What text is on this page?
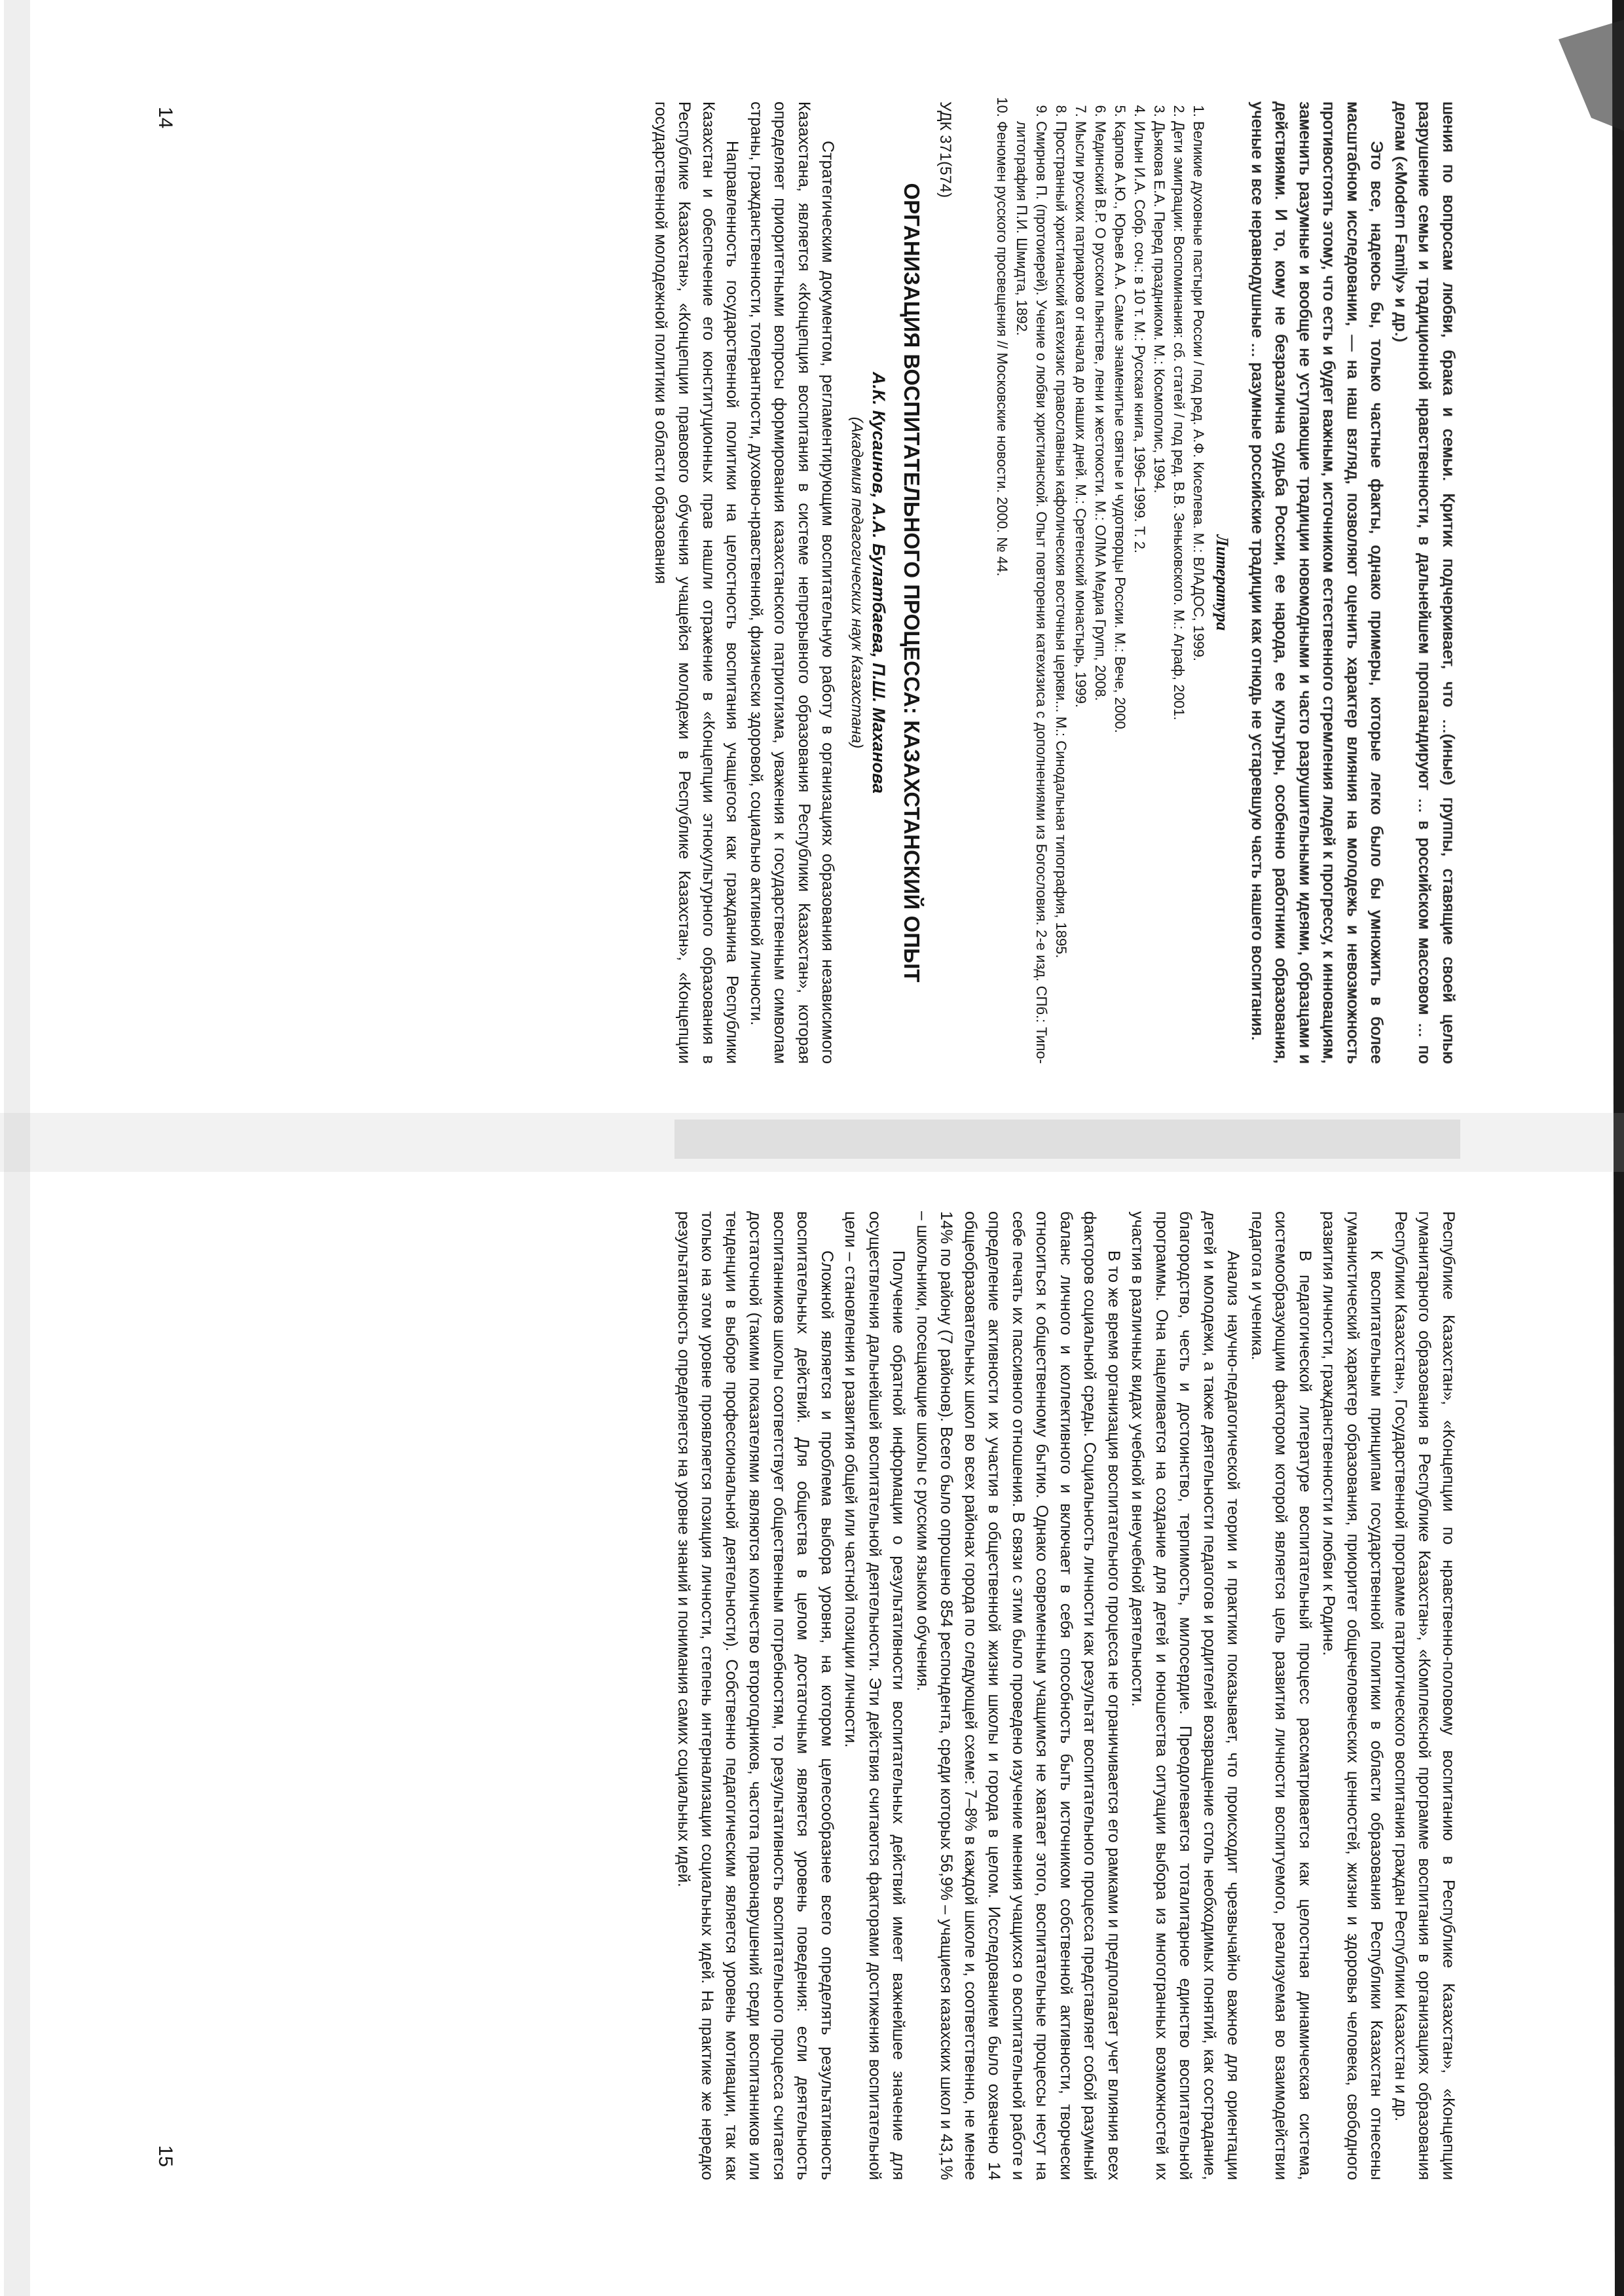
шения по вопросам любви, брака и семьи. Критик подчеркивает, что ...(иные) группы, ставящие своей целью разрушение семьи и традиционной нравственности, в дальнейшем пропагандируют ... в российском массовом ... по делам («Modern Family» и др.)

Это все, надеюсь бы, только частные факты, однако примеры, которые легко было бы умножить в более масштабном исследовании, — на наш взгляд, позволяют оценить характер влияния на молодежь и невозможность противостоять этому, что есть и будет важным, источником естественного стремления людей к прогрессу, к инновациям, заменить разумные и вообще не уступающие традиции новомодными и часто разрушительными идеями, образцами и действиями. И то, кому не безразлична судьба России, ее народа, ее культуры, особенно работники образования, ученые и все неравнодушные ... разумные российские традиции как отнюдь не устаревшую часть нашего воспитания.

Литература
1. Великие духовные пастыри России / под ред. А.Ф. Киселева. М.: ВЛАДОС, 1999.
2. Дети эмиграции: Воспоминания: сб. статей / под ред. В.В. Зеньковского. М.: Аграф, 2001.
3. Дьякова Е.А. Перед праздником. М.: Космополис, 1994.
4. Ильин И.А. Собр. соч.: в 10 т. М.: Русская книга, 1996–1999. Т. 2.
5. Карпов А.Ю., Юрьев А.А. Самые знаменитые святые и чудотворцы России. М.: Вече, 2000.
6. Мединский В.Р. О русском пьянстве, лени и жестокости. М.: ОЛМА Медиа Групп, 2008.
7. Мысли русских патриархов от начала до наших дней. М.: Сретенский монастырь, 1999.
8. Пространный христианский катехизис православныя кафолическия восточныя церкви... М.: Синодальная типография, 1895.
9. Смирнов П. (протоиерей). Учение о любви христианской. Опыт повторения катехизиса с дополнениями из Богословия. 2-е изд. СПб.: Типо-литография П.И. Шмидта, 1892.
10. Феномен русского просвещения // Московские новости. 2000. № 44.
УДК 371(574)
ОРГАНИЗАЦИЯ ВОСПИТАТЕЛЬНОГО ПРОЦЕССА: КАЗАХСТАНСКИЙ ОПЫТ
А.К. Кусаинов, А.А. Булатбаева, П.Ш. Маханова
(Академия педагогических наук Казахстана)

Стратегическим документом, регламентирующим воспитательную работу в организациях образования независимого Казахстана, является «Концепция воспитания в системе непрерывного образования Республики Казахстан», которая определяет приоритетными вопросы формирования казахстанского патриотизма, уважения к государственным символам страны, гражданственности, толерантности, духовно-нравственной, физически здоровой, социально активной личности.

Направленность государственной политики на целостность воспитания учащегося как гражданина Республики Казахстан и обеспечение его конституционных прав нашли отражение в «Концепции этнокультурного образования в Республике Казахстан», «Концепции правового обучения учащейся молодежи в Республике Казахстан», «Концепции государственной молодежной политики в области образования

14

Республике Казахстан», «Концепции по нравственно-половому воспитанию в Республике Казахстан», «Концепции гуманитарного образования в Республике Казахстан», «Комплексной программе воспитания в организациях образования Республики Казахстан», Государственной программе патриотического воспитания граждан Республики Казахстан и др.

К воспитательным принципам государственной политики в области образования Республики Казахстан отнесены гуманистический характер образования, приоритет общечеловеческих ценностей, жизни и здоровья человека, свободного развития личности, гражданственности и любви к Родине.

В педагогической литературе воспитательный процесс рассматривается как целостная динамическая система, системообразующим фактором которой является цель развития личности воспитуемого, реализуемая во взаимодействии педагога и ученика.

Анализ научно-педагогической теории и практики показывает, что происходит чрезвычайно важное для ориентации детей и молодежи, а также деятельности педагогов и родителей возвращение столь необходимых понятий, как сострадание, благородство, честь и достоинство, терпимость, милосердие. Преодолевается тоталитарное единство воспитательной программы. Она нацеливается на создание для детей и юношества ситуации выбора из многогранных возможностей их участия в различных видах учебной и внеучебной деятельности.

В то же время организация воспитательного процесса не ограничивается его рамками и предполагает учет влияния всех факторов социальной среды. Социальность личности как результат воспитательного процесса представляет собой разумный баланс личного и коллективного и включает в себя способность быть источником собственной активности, творчески относиться к общественному бытию. Однако современным учащимся не хватает этого, воспитательные процессы несут на себе печать их пассивного отношения. В связи с этим было проведено изучение мнения учащихся о воспитательной работе и определение активности их участия в общественной жизни школы и города в целом. Исследованием было охвачено 14 общеобразовательных школ во всех районах города по следующей схеме: 7–8% в каждой школе и, соответственно, не менее 14% по району (7 районов). Всего было опрошено 854 респондента, среди которых 56,9% – учащиеся казахских школ и 43,1% – школьники, посещающие школы с русским языком обучения.

Получение обратной информации о результативности воспитательных действий имеет важнейшее значение для осуществления дальнейшей воспитательной деятельности. Эти действия считаются факторами достижения воспитательной цели – становления и развития общей или частной позиции личности.

Сложной является и проблема выбора уровня, на котором целесообразнее всего определять результативность воспитательных действий. Для общества в целом достаточным является уровень поведения: если деятельность воспитанников школы соответствует общественным потребностям, то результативность воспитательного процесса считается достаточной (такими показателями являются количество второгодников, частота правонарушений среди воспитанников или тенденции в выборе профессиональной деятельности). Собственно педагогическим является уровень мотивации, так как только на этом уровне проявляется позиция личности, степень интернализации социальных идей. На практике же нередко результативность определяется на уровне знаний и понимания самих социальных идей.

15
